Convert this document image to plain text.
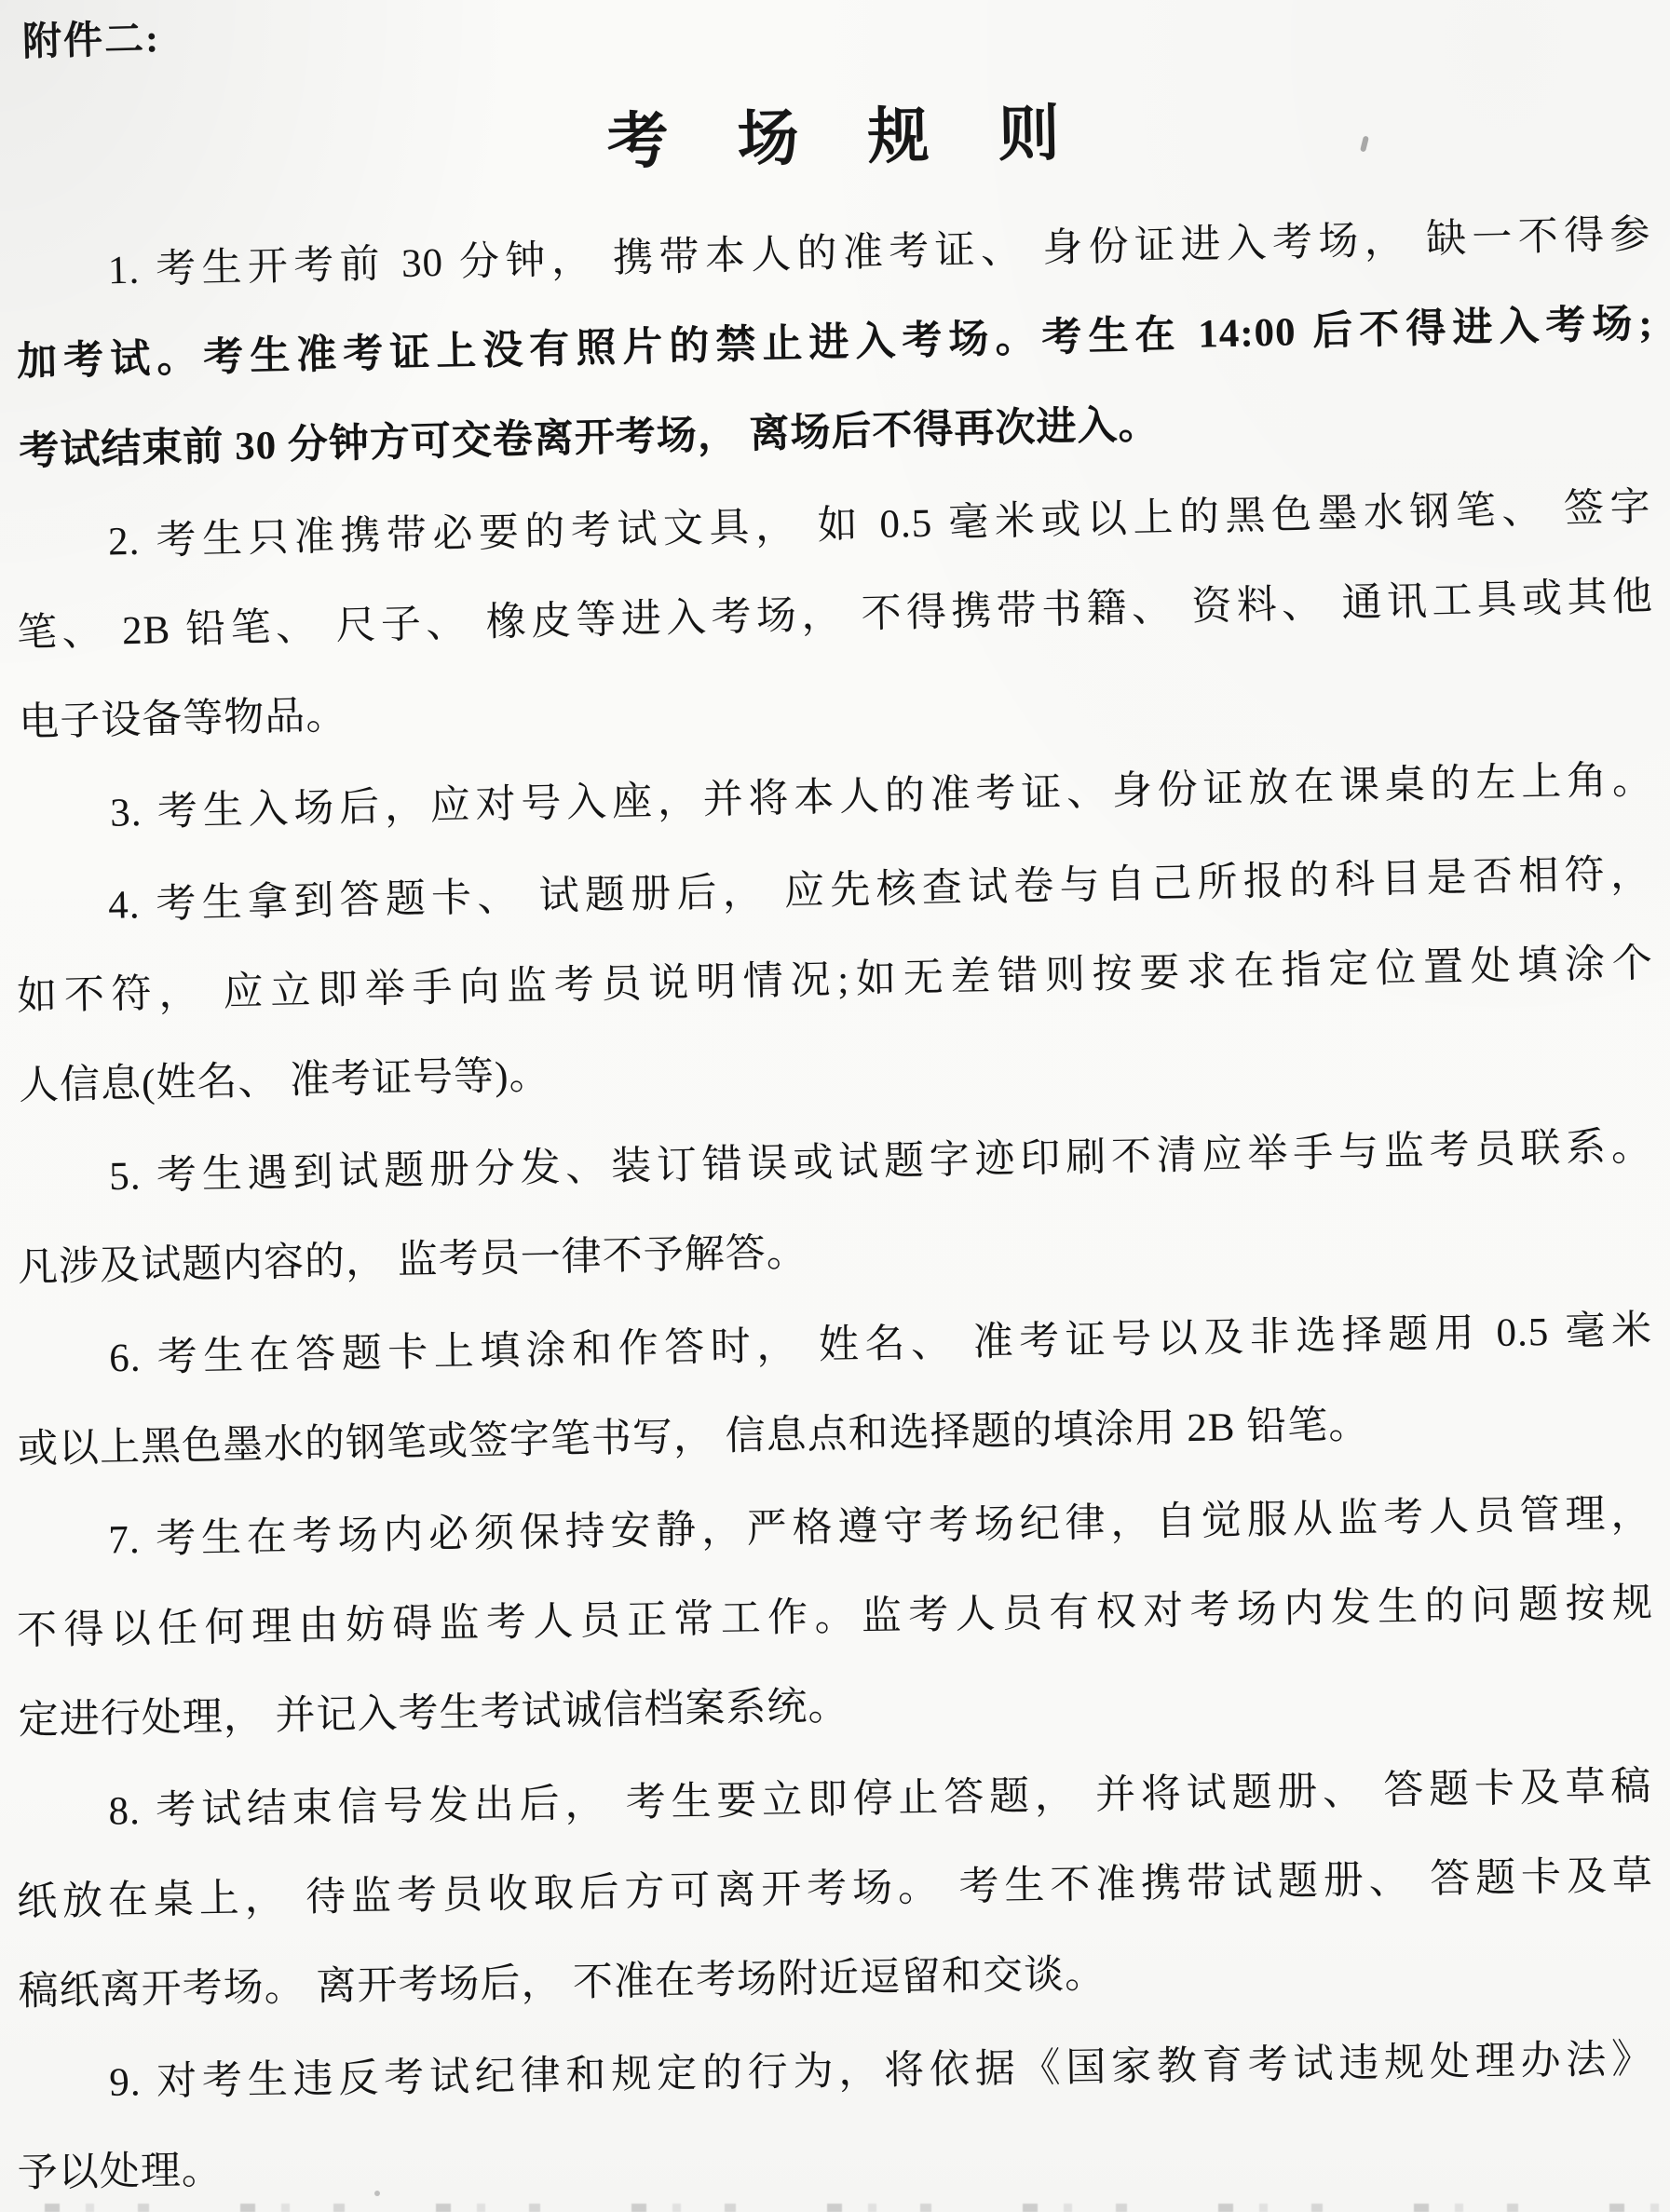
附件二:
考　场　规　则
1. 考生开考前 30 分钟， 携带本人的准考证、 身份证进入考场， 缺一不得参
加考试。考生准考证上没有照片的禁止进入考场。考生在 14:00 后不得进入考场;
考试结束前 30 分钟方可交卷离开考场， 离场后不得再次进入。
2. 考生只准携带必要的考试文具， 如 0.5 毫米或以上的黑色墨水钢笔、 签字
笔、 2B 铅笔、 尺子、 橡皮等进入考场， 不得携带书籍、 资料、 通讯工具或其他
电子设备等物品。
3. 考生入场后，应对号入座，并将本人的准考证、身份证放在课桌的左上角。
4. 考生拿到答题卡、 试题册后， 应先核查试卷与自己所报的科目是否相符，
如不符， 应立即举手向监考员说明情况;如无差错则按要求在指定位置处填涂个
人信息(姓名、 准考证号等)。
5. 考生遇到试题册分发、装订错误或试题字迹印刷不清应举手与监考员联系。
凡涉及试题内容的， 监考员一律不予解答。
6. 考生在答题卡上填涂和作答时， 姓名、 准考证号以及非选择题用 0.5 毫米
或以上黑色墨水的钢笔或签字笔书写， 信息点和选择题的填涂用 2B 铅笔。
7. 考生在考场内必须保持安静，严格遵守考场纪律，自觉服从监考人员管理，
不得以任何理由妨碍监考人员正常工作。监考人员有权对考场内发生的问题按规
定进行处理， 并记入考生考试诚信档案系统。
8. 考试结束信号发出后， 考生要立即停止答题， 并将试题册、 答题卡及草稿
纸放在桌上， 待监考员收取后方可离开考场。 考生不准携带试题册、 答题卡及草
稿纸离开考场。 离开考场后， 不准在考场附近逗留和交谈。
9. 对考生违反考试纪律和规定的行为，将依据《国家教育考试违规处理办法》
予以处理。
